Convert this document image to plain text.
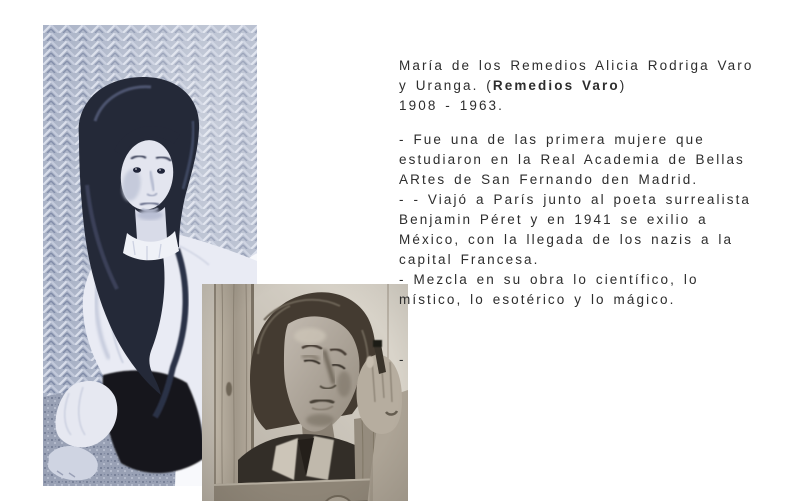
María de los Remedios Alicia Rodriga Varo
y Uranga. (Remedios Varo)
1908 - 1963.
- Fue una de las primera mujere que
estudiaron en la Real Academia de Bellas
ARtes de San Fernando den Madrid.
- - Viajó a París junto al poeta surrealista
Benjamin Péret y en 1941 se exilio a
México, con la llegada de los nazis a la
capital Francesa.
- Mezcla en su obra lo científico, lo
místico, lo esotérico y lo mágico.
-
